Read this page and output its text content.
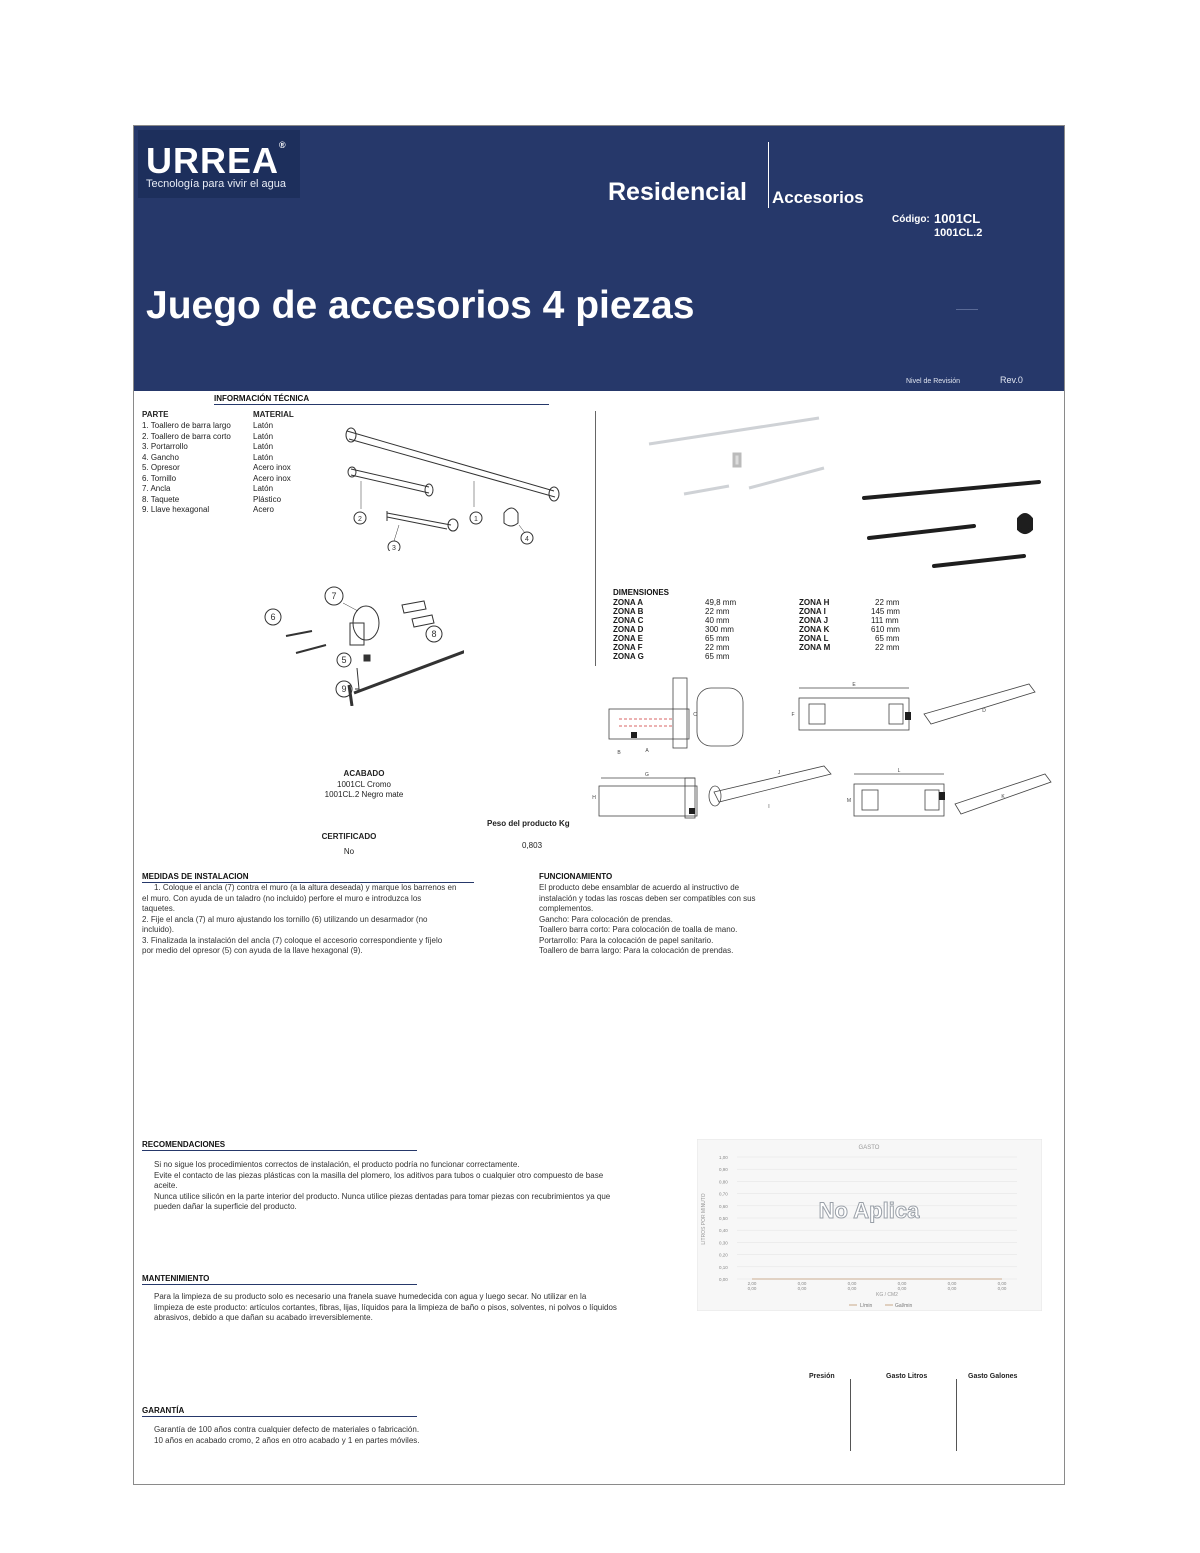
URREA®
Tecnología para vivir el agua	Residencial Accesorios
Código: 1001CL
1001CL.2
Juego de accesorios 4 piezas
Nivel de Revisión	Rev.0
INFORMACIÓN TÉCNICA
PARTE	MATERIAL
1. Toallero de barra largo	Latón
2. Toallero de barra corto	Latón
3. Portarrollo	Latón
4. Gancho	Latón
5. Opresor	Acero inox
6. Tornillo	Acero inox
7. Ancla	Latón
8. Taquete	Plástico
9. Llave hexagonal	Acero
1
2
3
4
7
6
8
5
9
DIMENSIONES
ZONA A	49,8 mm
ZONA B	22 mm
ZONA C	40 mm
ZONA D	300 mm
ZONA E	65 mm
ZONA F	22 mm
ZONA G	65 mm
ZONA H	22 mm
ZONA I	145 mm
ZONA J	111 mm
ZONA K	610 mm
ZONA L	65 mm
ZONA M	22 mm
A
B
C
D
E
F
G
H
I
J
K
L
M
ACABADO
1001CL Cromo
1001CL.2 Negro mate
CERTIFICADO
No
Peso del producto Kg
0,803
MEDIDAS DE INSTALACION
1. Coloque el ancla (7) contra el muro (a la altura deseada) y marque los barrenos en
el muro. Con ayuda de un taladro (no incluido) perfore el muro e introduzca los
taquetes.
2. Fije el ancla (7) al muro ajustando los tornillo (6) utilizando un desarmador (no
incluido).
3. Finalizada la instalación del ancla (7) coloque el accesorio correspondiente y fíjelo
por medio del opresor (5) con ayuda de la llave hexagonal (9).
FUNCIONAMIENTO
El producto debe ensamblar de acuerdo al instructivo de
instalación y todas las roscas deben ser compatibles con sus
complementos.
Gancho: Para colocación de prendas.
Toallero barra corto: Para colocación de toalla de mano.
Portarrollo: Para la colocación de papel sanitario.
Toallero de barra largo: Para la colocación de prendas.
RECOMENDACIONES
Si no sigue los procedimientos correctos de instalación, el producto podría no funcionar correctamente.
Evite el contacto de las piezas plásticas con la masilla del plomero, los aditivos para tubos o cualquier otro compuesto de base
aceite.
Nunca utilice silicón en la parte interior del producto. Nunca utilice piezas dentadas para tomar piezas con recubrimientos ya que
pueden dañar la superficie del producto.
GASTO
1,00
0,90
0,80
0,70
0,60
0,50
0,40
0,30
0,20
0,10
0,00
2,00
0,00
0,00
0,00
0,00
0,00
0,00
0,00
0,00
0,00
0,00
0,00
LITROS POR MINUTO
KG / CM2
L/min	Gal/min
No Aplica
MANTENIMIENTO
Para la limpieza de su producto solo es necesario una franela suave humedecida con agua y luego secar. No utilizar en la
limpieza de este producto: artículos cortantes, fibras, lijas, líquidos para la limpieza de baño o pisos, solventes, ni polvos o líquidos
abrasivos, debido a que dañan su acabado irreversiblemente.
Presión	Gasto Litros	Gasto Galones
GARANTÍA
Garantía de 100 años contra cualquier defecto de materiales o fabricación.
10 años en acabado cromo, 2 años en otro acabado y 1 en partes móviles.
